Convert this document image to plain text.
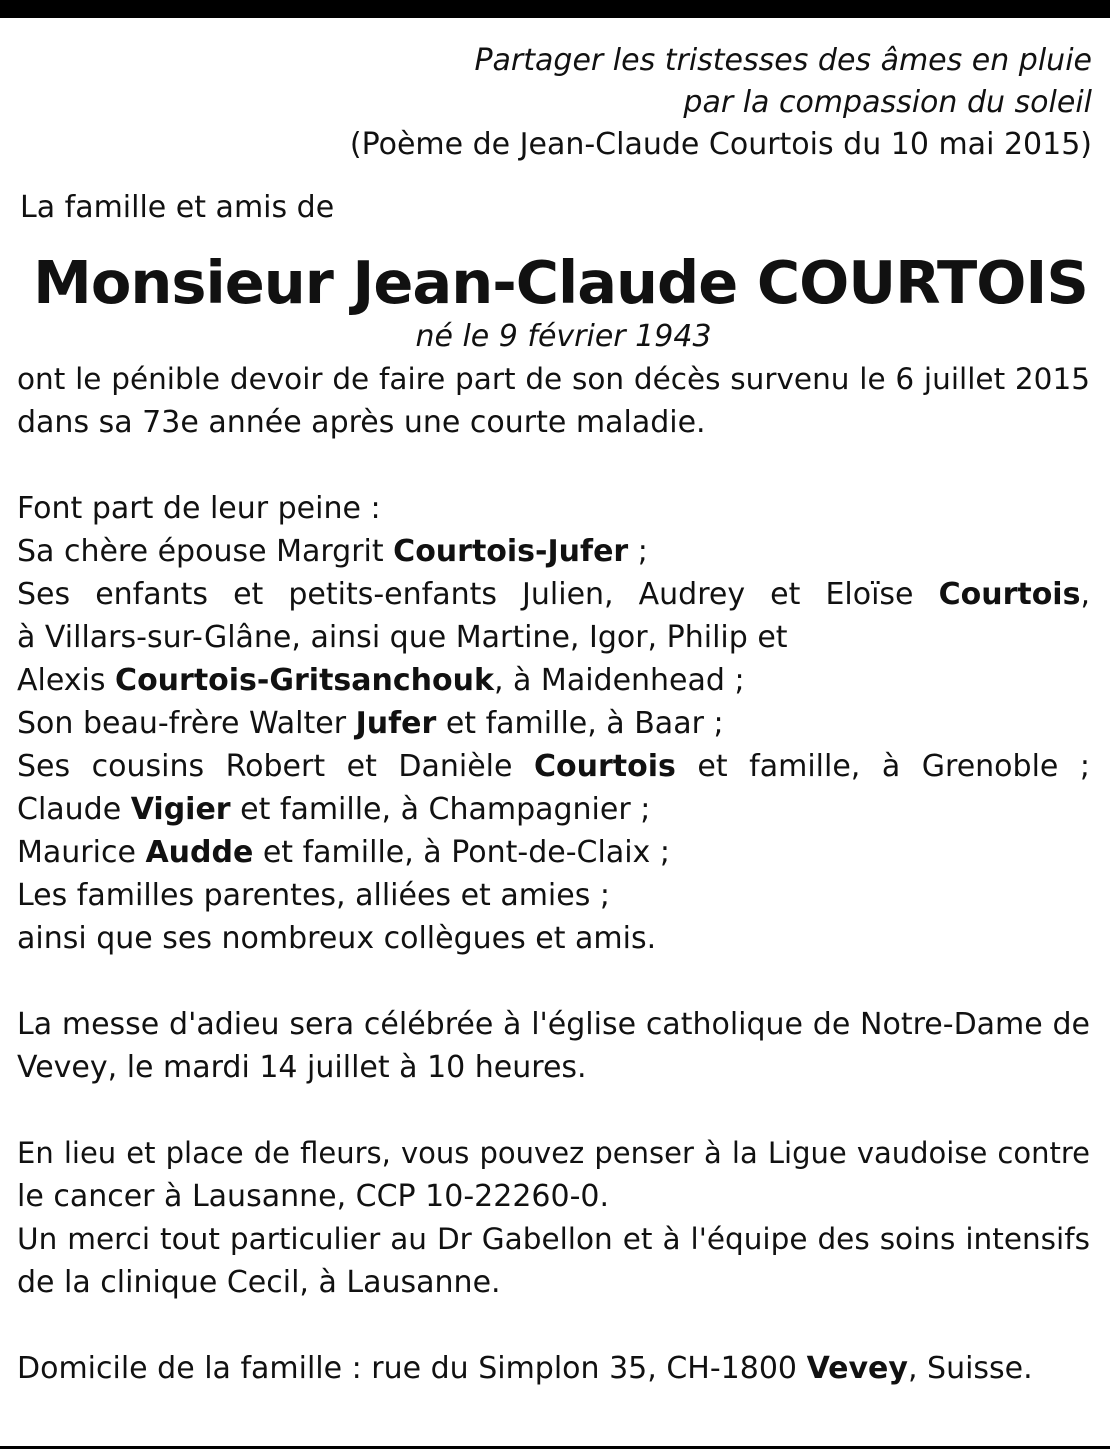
Partager les tristesses des âmes en pluie
par la compassion du soleil
(Poème de Jean-Claude Courtois du 10 mai 2015)
La famille et amis de
Monsieur Jean-Claude COURTOIS
né le 9 février 1943
ont le pénible devoir de faire part de son décès survenu le 6 juillet 2015
dans sa 73e année après une courte maladie.
Font part de leur peine :
Sa chère épouse Margrit Courtois-Jufer ;
Ses enfants et petits-enfants Julien, Audrey et Eloïse Courtois,
à Villars-sur-Glâne, ainsi que Martine, Igor, Philip et
Alexis Courtois-Gritsanchouk, à Maidenhead ;
Son beau-frère Walter Jufer et famille, à Baar ;
Ses cousins Robert et Danièle Courtois et famille, à Grenoble ;
Claude Vigier et famille, à Champagnier ;
Maurice Audde et famille, à Pont-de-Claix ;
Les familles parentes, alliées et amies ;
ainsi que ses nombreux collègues et amis.
La messe d'adieu sera célébrée à l'église catholique de Notre-Dame de
Vevey, le mardi 14 juillet à 10 heures.
En lieu et place de fleurs, vous pouvez penser à la Ligue vaudoise contre
le cancer à Lausanne, CCP 10-22260-0.
Un merci tout particulier au Dr Gabellon et à l'équipe des soins intensifs
de la clinique Cecil, à Lausanne.
Domicile de la famille : rue du Simplon 35, CH-1800 Vevey, Suisse.
